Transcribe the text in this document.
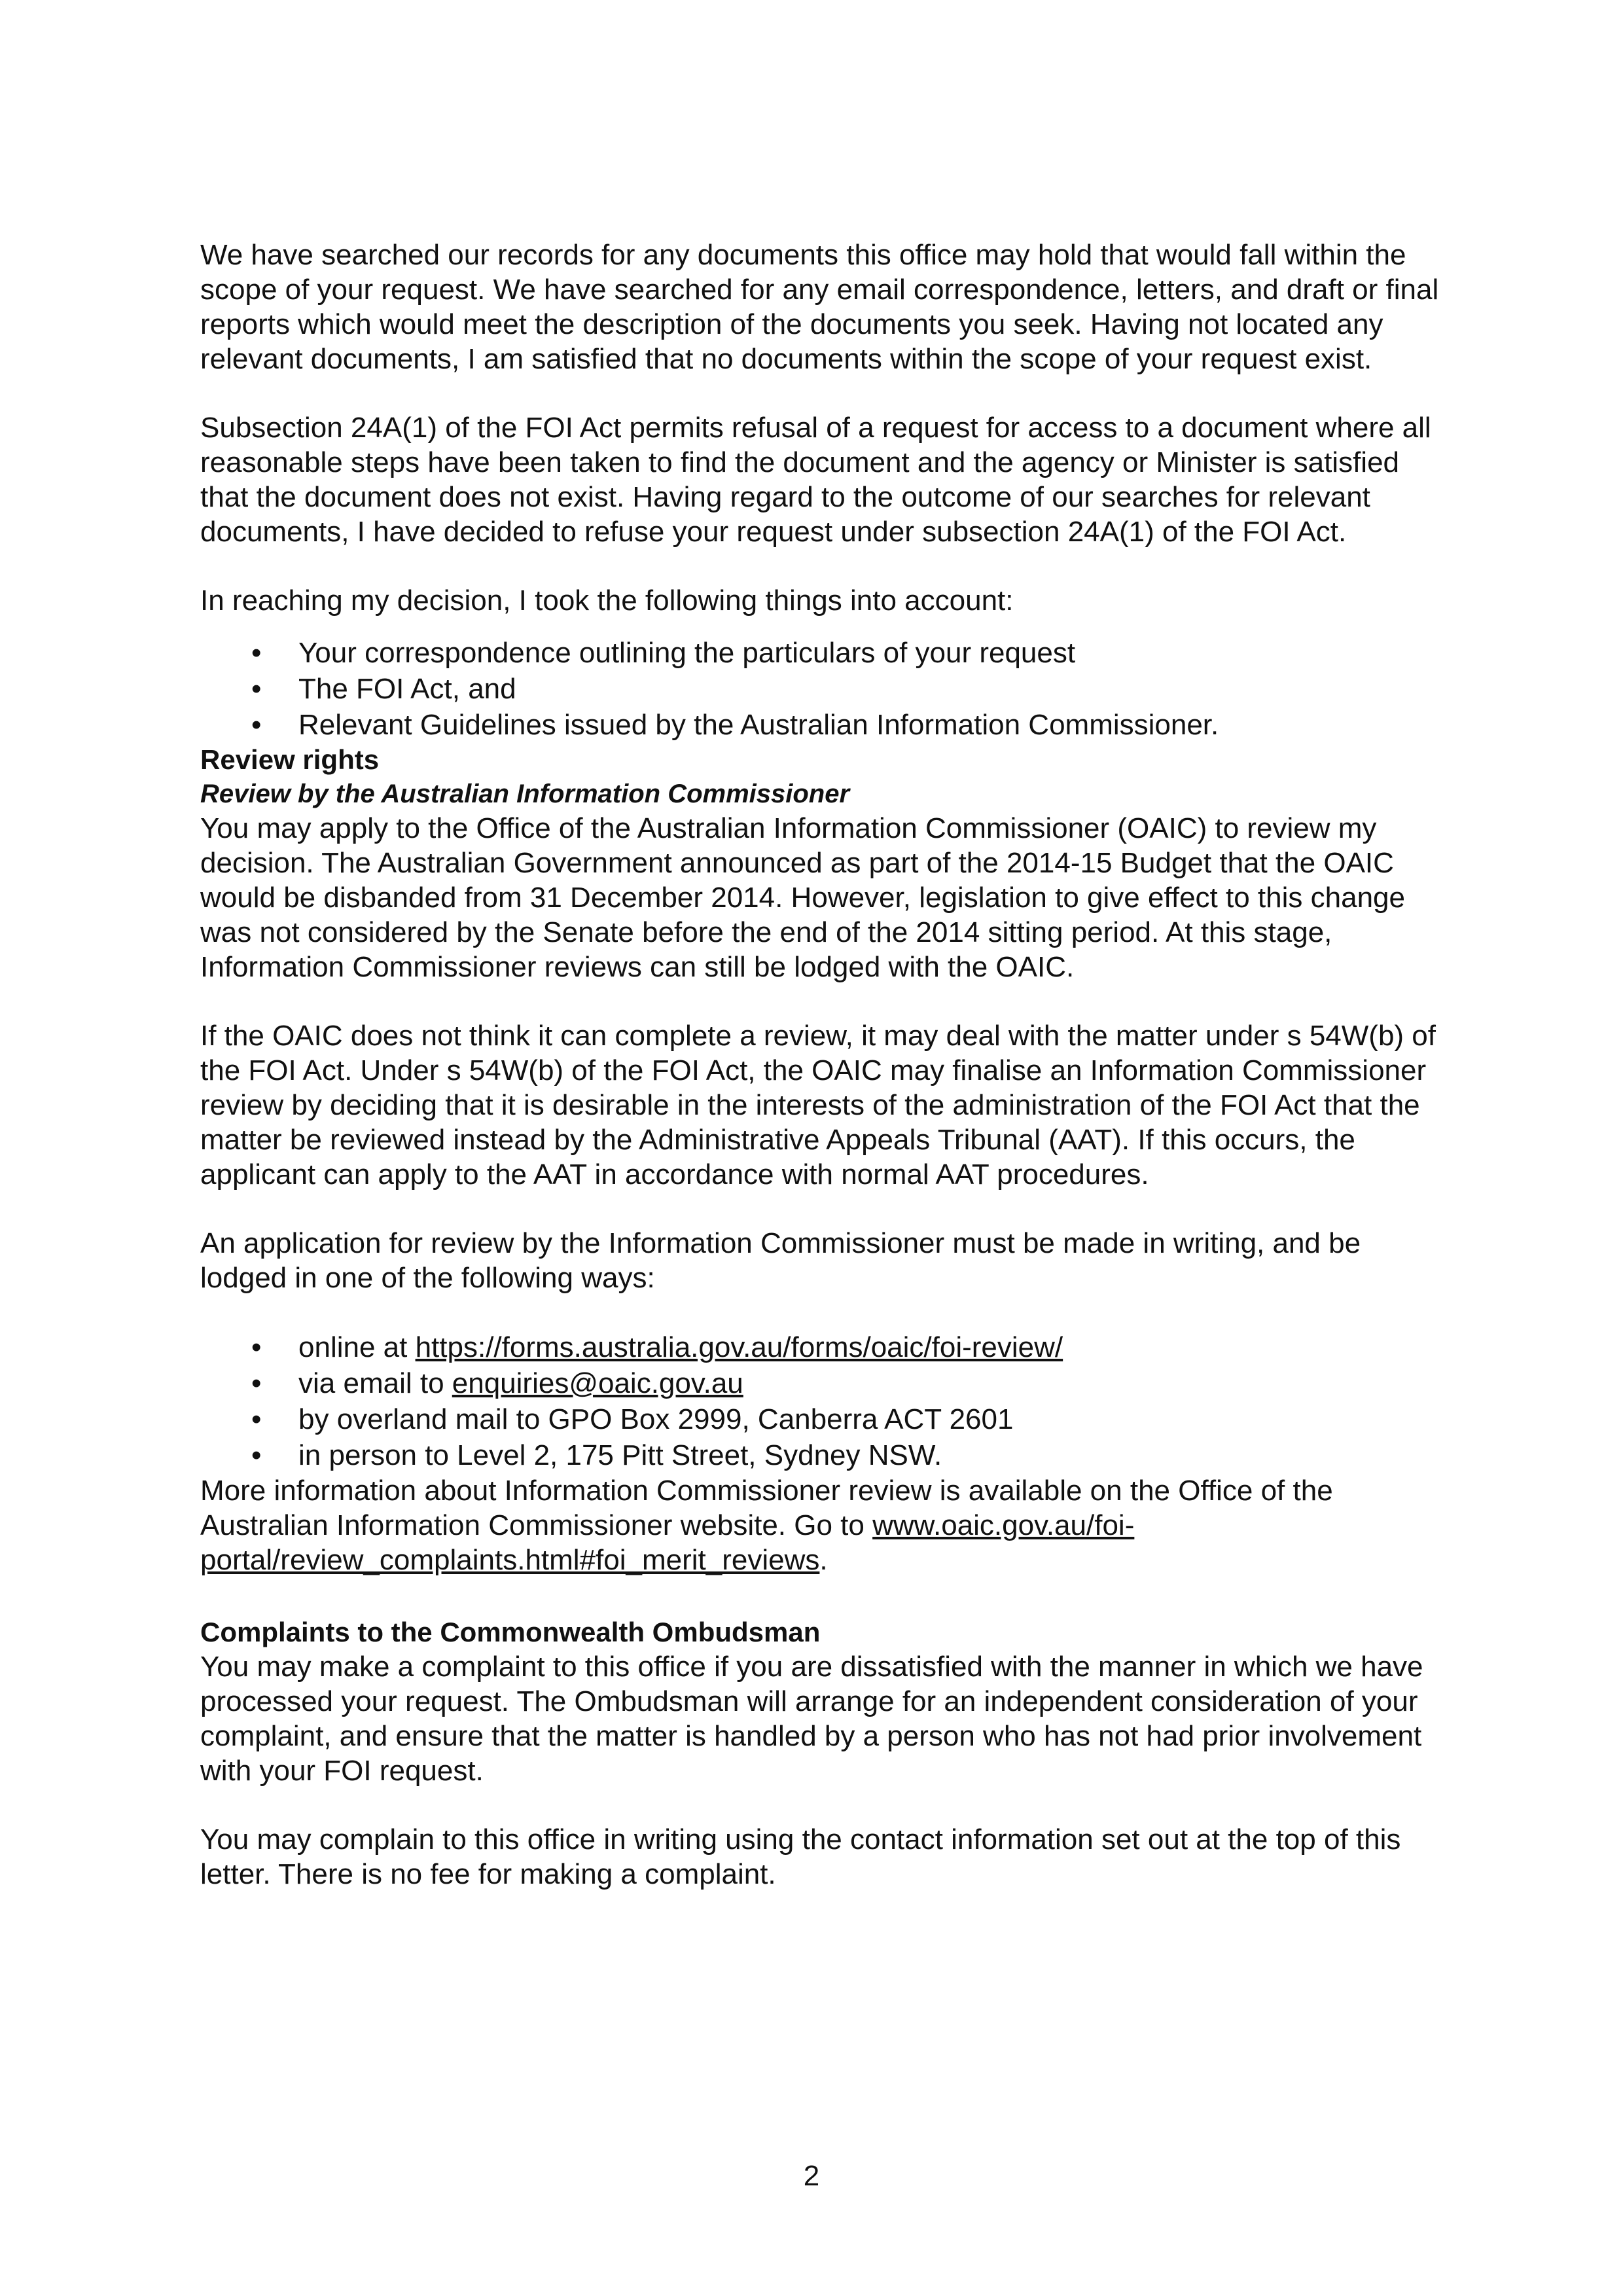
We have searched our records for any documents this office may hold that would fall within the scope of your request. We have searched for any email correspondence, letters, and draft or final reports which would meet the description of the documents you seek. Having not located any relevant documents, I am satisfied that no documents within the scope of your request exist.

Subsection 24A(1) of the FOI Act permits refusal of a request for access to a document where all reasonable steps have been taken to find the document and the agency or Minister is satisfied that the document does not exist. Having regard to the outcome of our searches for relevant documents, I have decided to refuse your request under subsection 24A(1) of the FOI Act.

In reaching my decision, I took the following things into account:

• Your correspondence outlining the particulars of your request
• The FOI Act, and
• Relevant Guidelines issued by the Australian Information Commissioner.
Review rights
Review by the Australian Information Commissioner

You may apply to the Office of the Australian Information Commissioner (OAIC) to review my decision. The Australian Government announced as part of the 2014-15 Budget that the OAIC would be disbanded from 31 December 2014. However, legislation to give effect to this change was not considered by the Senate before the end of the 2014 sitting period. At this stage, Information Commissioner reviews can still be lodged with the OAIC.

If the OAIC does not think it can complete a review, it may deal with the matter under s 54W(b) of the FOI Act. Under s 54W(b) of the FOI Act, the OAIC may finalise an Information Commissioner review by deciding that it is desirable in the interests of the administration of the FOI Act that the matter be reviewed instead by the Administrative Appeals Tribunal (AAT). If this occurs, the applicant can apply to the AAT in accordance with normal AAT procedures.

An application for review by the Information Commissioner must be made in writing, and be lodged in one of the following ways:

• online at https://forms.australia.gov.au/forms/oaic/foi-review/
• via email to enquiries@oaic.gov.au
• by overland mail to GPO Box 2999, Canberra ACT 2601
• in person to Level 2, 175 Pitt Street, Sydney NSW.

More information about Information Commissioner review is available on the Office of the Australian Information Commissioner website. Go to www.oaic.gov.au/foi-portal/review_complaints.html#foi_merit_reviews.

Complaints to the Commonwealth Ombudsman

You may make a complaint to this office if you are dissatisfied with the manner in which we have processed your request. The Ombudsman will arrange for an independent consideration of your complaint, and ensure that the matter is handled by a person who has not had prior involvement with your FOI request.

You may complain to this office in writing using the contact information set out at the top of this letter. There is no fee for making a complaint.

2
